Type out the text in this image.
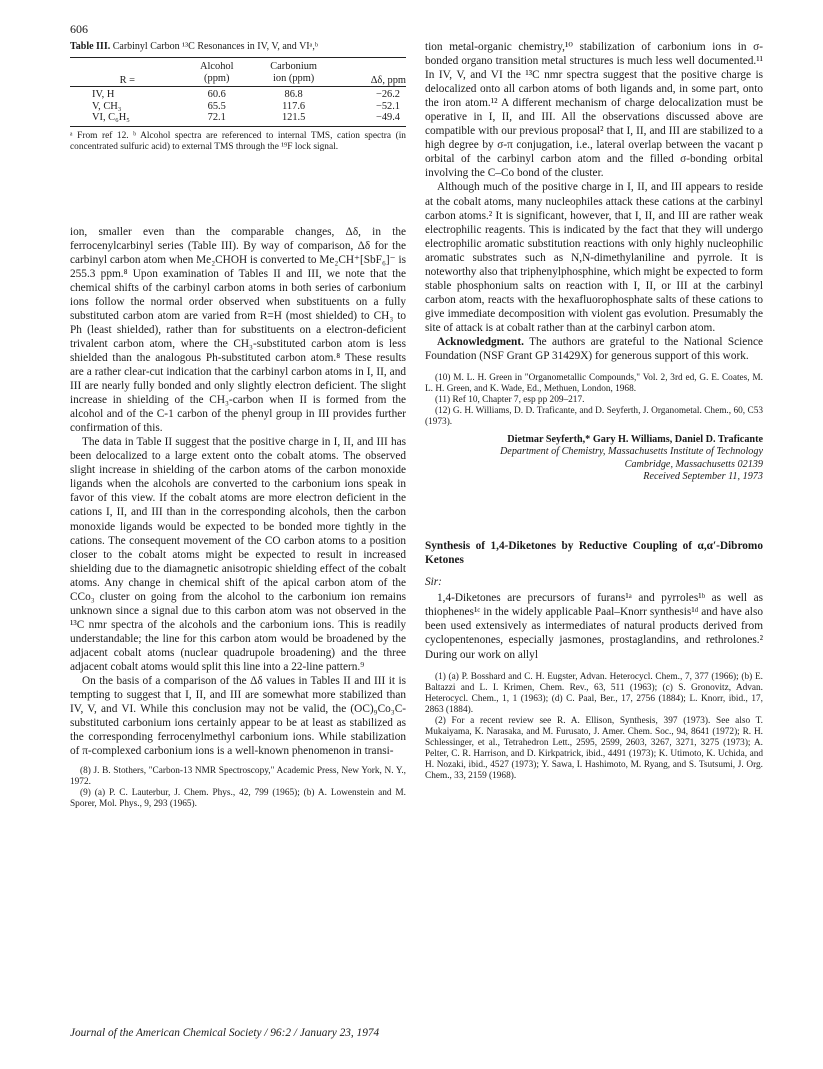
606
Table III. Carbinyl Carbon ¹³C Resonances in IV, V, and VIᵃ,ᵇ
R =	Alcohol	Carbonium	Δδ, ppm
	(ppm)	ion (ppm)	
IV, H	60.6	86.8	−26.2
V, CH₃	65.5	117.6	−52.1
VI, C₆H₅	72.1	121.5	−49.4
ᵃ From ref 12. ᵇ Alcohol spectra are referenced to internal TMS, cation spectra (in concentrated sulfuric acid) to external TMS through the ¹⁹F lock signal.

ion, smaller even than the comparable changes, Δδ, in the ferrocenylcarbinyl series (Table III). By way of comparison, Δδ for the carbinyl carbon atom when Me₂CHOH is converted to Me₂CH⁺[SbF₆]⁻ is 255.3 ppm.⁸ Upon examination of Tables II and III, we note that the chemical shifts of the carbinyl carbon atoms in both series of carbonium ions follow the normal order observed when substituents on a fully substituted carbon atom are varied from R=H (most shielded) to CH₃ to Ph (least shielded), rather than for substituents on a electron-deficient trivalent carbon atom, where the CH₃-substituted carbon atom is less shielded than the analogous Ph-substituted carbon atom.⁸ These results are a rather clear-cut indication that the carbinyl carbon atoms in I, II, and III are nearly fully bonded and only slightly electron deficient. The slight increase in shielding of the CH₃-carbon when II is formed from the alcohol and of the C-1 carbon of the phenyl group in III provides further confirmation of this.

The data in Table II suggest that the positive charge in I, II, and III has been delocalized to a large extent onto the cobalt atoms. The observed slight increase in shielding of the carbon atoms of the carbon monoxide ligands when the alcohols are converted to the carbonium ions speak in favor of this view. If the cobalt atoms are more electron deficient in the cations I, II, and III than in the corresponding alcohols, then the carbon monoxide ligands would be expected to be bonded more tightly in the cations. The consequent movement of the CO carbon atoms to a position closer to the cobalt atoms might be expected to result in increased shielding due to the diamagnetic anisotropic shielding effect of the cobalt atoms. Any change in chemical shift of the apical carbon atom of the CCo₃ cluster on going from the alcohol to the carbonium ion remains unknown since a signal due to this carbon atom was not observed in the ¹³C nmr spectra of the alcohols and the carbonium ions. This is readily understandable; the line for this carbon atom would be broadened by the adjacent cobalt atoms (nuclear quadrupole broadening) and the three adjacent cobalt atoms would split this line into a 22-line pattern.⁹

On the basis of a comparison of the Δδ values in Tables II and III it is tempting to suggest that I, II, and III are somewhat more stabilized than IV, V, and VI. While this conclusion may not be valid, the (OC)₉Co₃C-substituted carbonium ions certainly appear to be at least as stabilized as the corresponding ferrocenylmethyl carbonium ions. While stabilization of π-complexed carbonium ions is a well-known phenomenon in transi-

(8) J. B. Stothers, "Carbon-13 NMR Spectroscopy," Academic Press, New York, N. Y., 1972.

(9) (a) P. C. Lauterbur, J. Chem. Phys., 42, 799 (1965); (b) A. Lowenstein and M. Sporer, Mol. Phys., 9, 293 (1965).

tion metal-organic chemistry,¹⁰ stabilization of carbonium ions in σ-bonded organo transition metal structures is much less well documented.¹¹ In IV, V, and VI the ¹³C nmr spectra suggest that the positive charge is delocalized onto all carbon atoms of both ligands and, in some part, onto the iron atom.¹² A different mechanism of charge delocalization must be operative in I, II, and III. All the observations discussed above are compatible with our previous proposal² that I, II, and III are stabilized to a high degree by σ-π conjugation, i.e., lateral overlap between the vacant p orbital of the carbinyl carbon atom and the filled σ-bonding orbital involving the C–Co bond of the cluster.

Although much of the positive charge in I, II, and III appears to reside at the cobalt atoms, many nucleophiles attack these cations at the carbinyl carbon atoms.² It is significant, however, that I, II, and III are rather weak electrophilic reagents. This is indicated by the fact that they will undergo electrophilic aromatic substitution reactions with only highly nucleophilic aromatic substrates such as N,N-dimethylaniline and pyrrole. It is noteworthy also that triphenylphosphine, which might be expected to form stable phosphonium salts on reaction with I, II, or III at the carbinyl carbon atom, reacts with the hexafluorophosphate salts of these cations to give immediate decomposition with violent gas evolution. Presumably the site of attack is at cobalt rather than at the carbinyl carbon atom.

Acknowledgment. The authors are grateful to the National Science Foundation (NSF Grant GP 31429X) for generous support of this work.

(10) M. L. H. Green in "Organometallic Compounds," Vol. 2, 3rd ed, G. E. Coates, M. L. H. Green, and K. Wade, Ed., Methuen, London, 1968.

(11) Ref 10, Chapter 7, esp pp 209–217.

(12) G. H. Williams, D. D. Traficante, and D. Seyferth, J. Organometal. Chem., 60, C53 (1973).

Dietmar Seyferth,* Gary H. Williams, Daniel D. Traficante
Department of Chemistry, Massachusetts Institute of Technology
Cambridge, Massachusetts 02139
Received September 11, 1973
Synthesis of 1,4-Diketones by Reductive Coupling of α,α′-Dibromo Ketones
Sir:

1,4-Diketones are precursors of furans¹ᵃ and pyrroles¹ᵇ as well as thiophenes¹ᶜ in the widely applicable Paal–Knorr synthesis¹ᵈ and have also been used extensively as intermediates of natural products derived from cyclopentenones, especially jasmones, prostaglandins, and rethrolones.² During our work on allyl

(1) (a) P. Bosshard and C. H. Eugster, Advan. Heterocycl. Chem., 7, 377 (1966); (b) E. Baltazzi and L. I. Krimen, Chem. Rev., 63, 511 (1963); (c) S. Gronovitz, Advan. Heterocycl. Chem., 1, 1 (1963); (d) C. Paal, Ber., 17, 2756 (1884); L. Knorr, ibid., 17, 2863 (1884).

(2) For a recent review see R. A. Ellison, Synthesis, 397 (1973). See also T. Mukaiyama, K. Narasaka, and M. Furusato, J. Amer. Chem. Soc., 94, 8641 (1972); R. H. Schlessinger, et al., Tetrahedron Lett., 2595, 2599, 2603, 3267, 3271, 3275 (1973); A. Pelter, C. R. Harrison, and D. Kirkpatrick, ibid., 4491 (1973); K. Utimoto, K. Uchida, and H. Nozaki, ibid., 4527 (1973); Y. Sawa, I. Hashimoto, M. Ryang, and S. Tsutsumi, J. Org. Chem., 33, 2159 (1968).

Journal of the American Chemical Society / 96:2 / January 23, 1974
